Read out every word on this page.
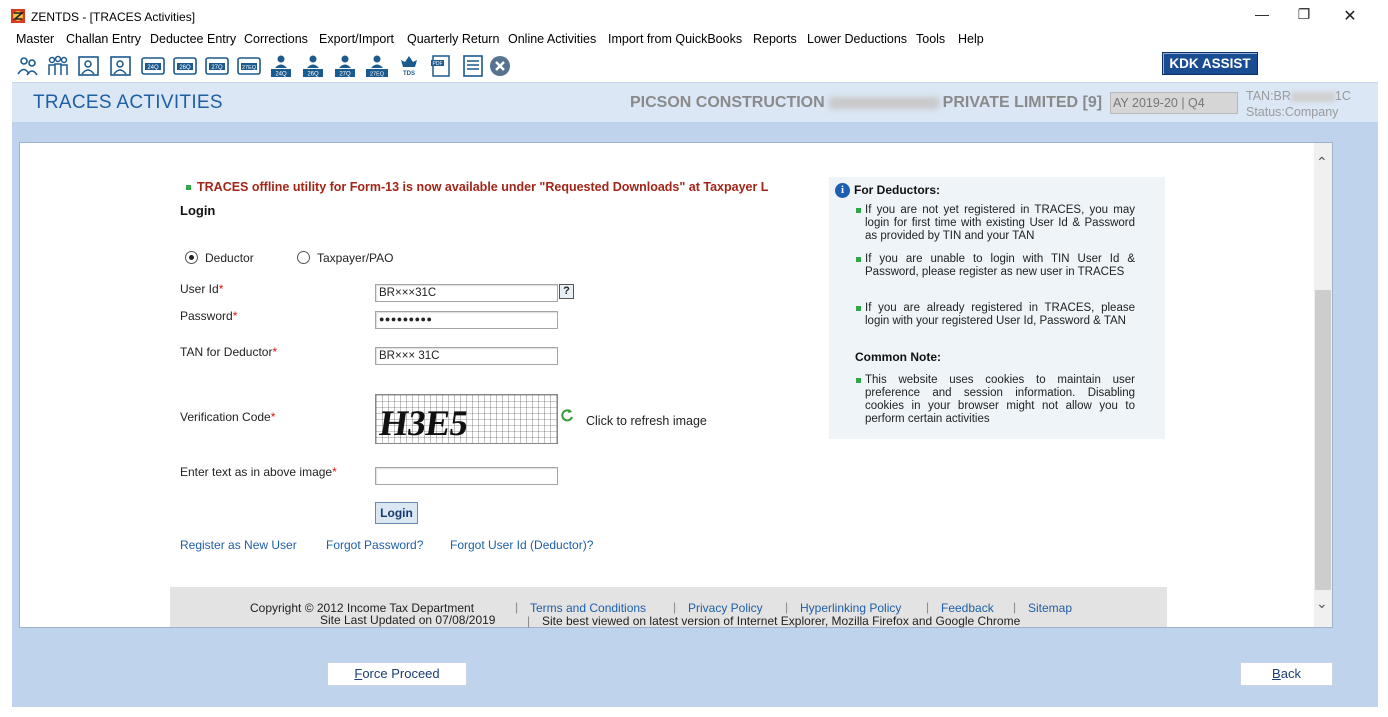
ZENTDS - [TRACES Activities]	—	❐	✕
Master Challan Entry Deductee Entry Corrections Export/Import Quarterly Return Online Activities Import from QuickBooks Reports Lower Deductions Tools Help
24Q	26Q	27Q	27EQ
24Q	26Q	27Q	27EQ	TDS
PDF	KDK ASSIST
TRACES ACTIVITIES	PICSON CONSTRUCTION	PRIVATE LIMITED [9] AY 2019-20 | Q4	TAN:BR	1C
Status:Company
⌃
⌄
TRACES offline utility for Form-13 is now available under "Requested Downloads" at Taxpayer L
Login
Deductor	Taxpayer/PAO
User Id*	BR×××31C	?
Password*	●●●●●●●●●
TAN for Deductor*	BR××× 31C
Verification Code*	H3E5	Click to refresh image
Enter text as in above image*
Login
Register as New User Forgot Password? Forgot User Id (Deductor)?
i For Deductors:
If you are not yet registered in TRACES, you may login for first time with existing User Id & Password as provided by TIN and your TAN
If you are unable to login with TIN User Id & Password, please register as new user in TRACES
If you are already registered in TRACES, please login with your registered User Id, Password & TAN
Common Note:
This website uses cookies to maintain user preference and session information. Disabling cookies in your browser might not allow you to perform certain activities
Copyright © 2012 Income Tax Department
Site Last Updated on 07/08/2019
| Terms and Conditions | Privacy Policy | Hyperlinking Policy | Feedback | Sitemap
| Site best viewed on latest version of Internet Explorer, Mozilla Firefox and Google Chrome
Force Proceed	Back
